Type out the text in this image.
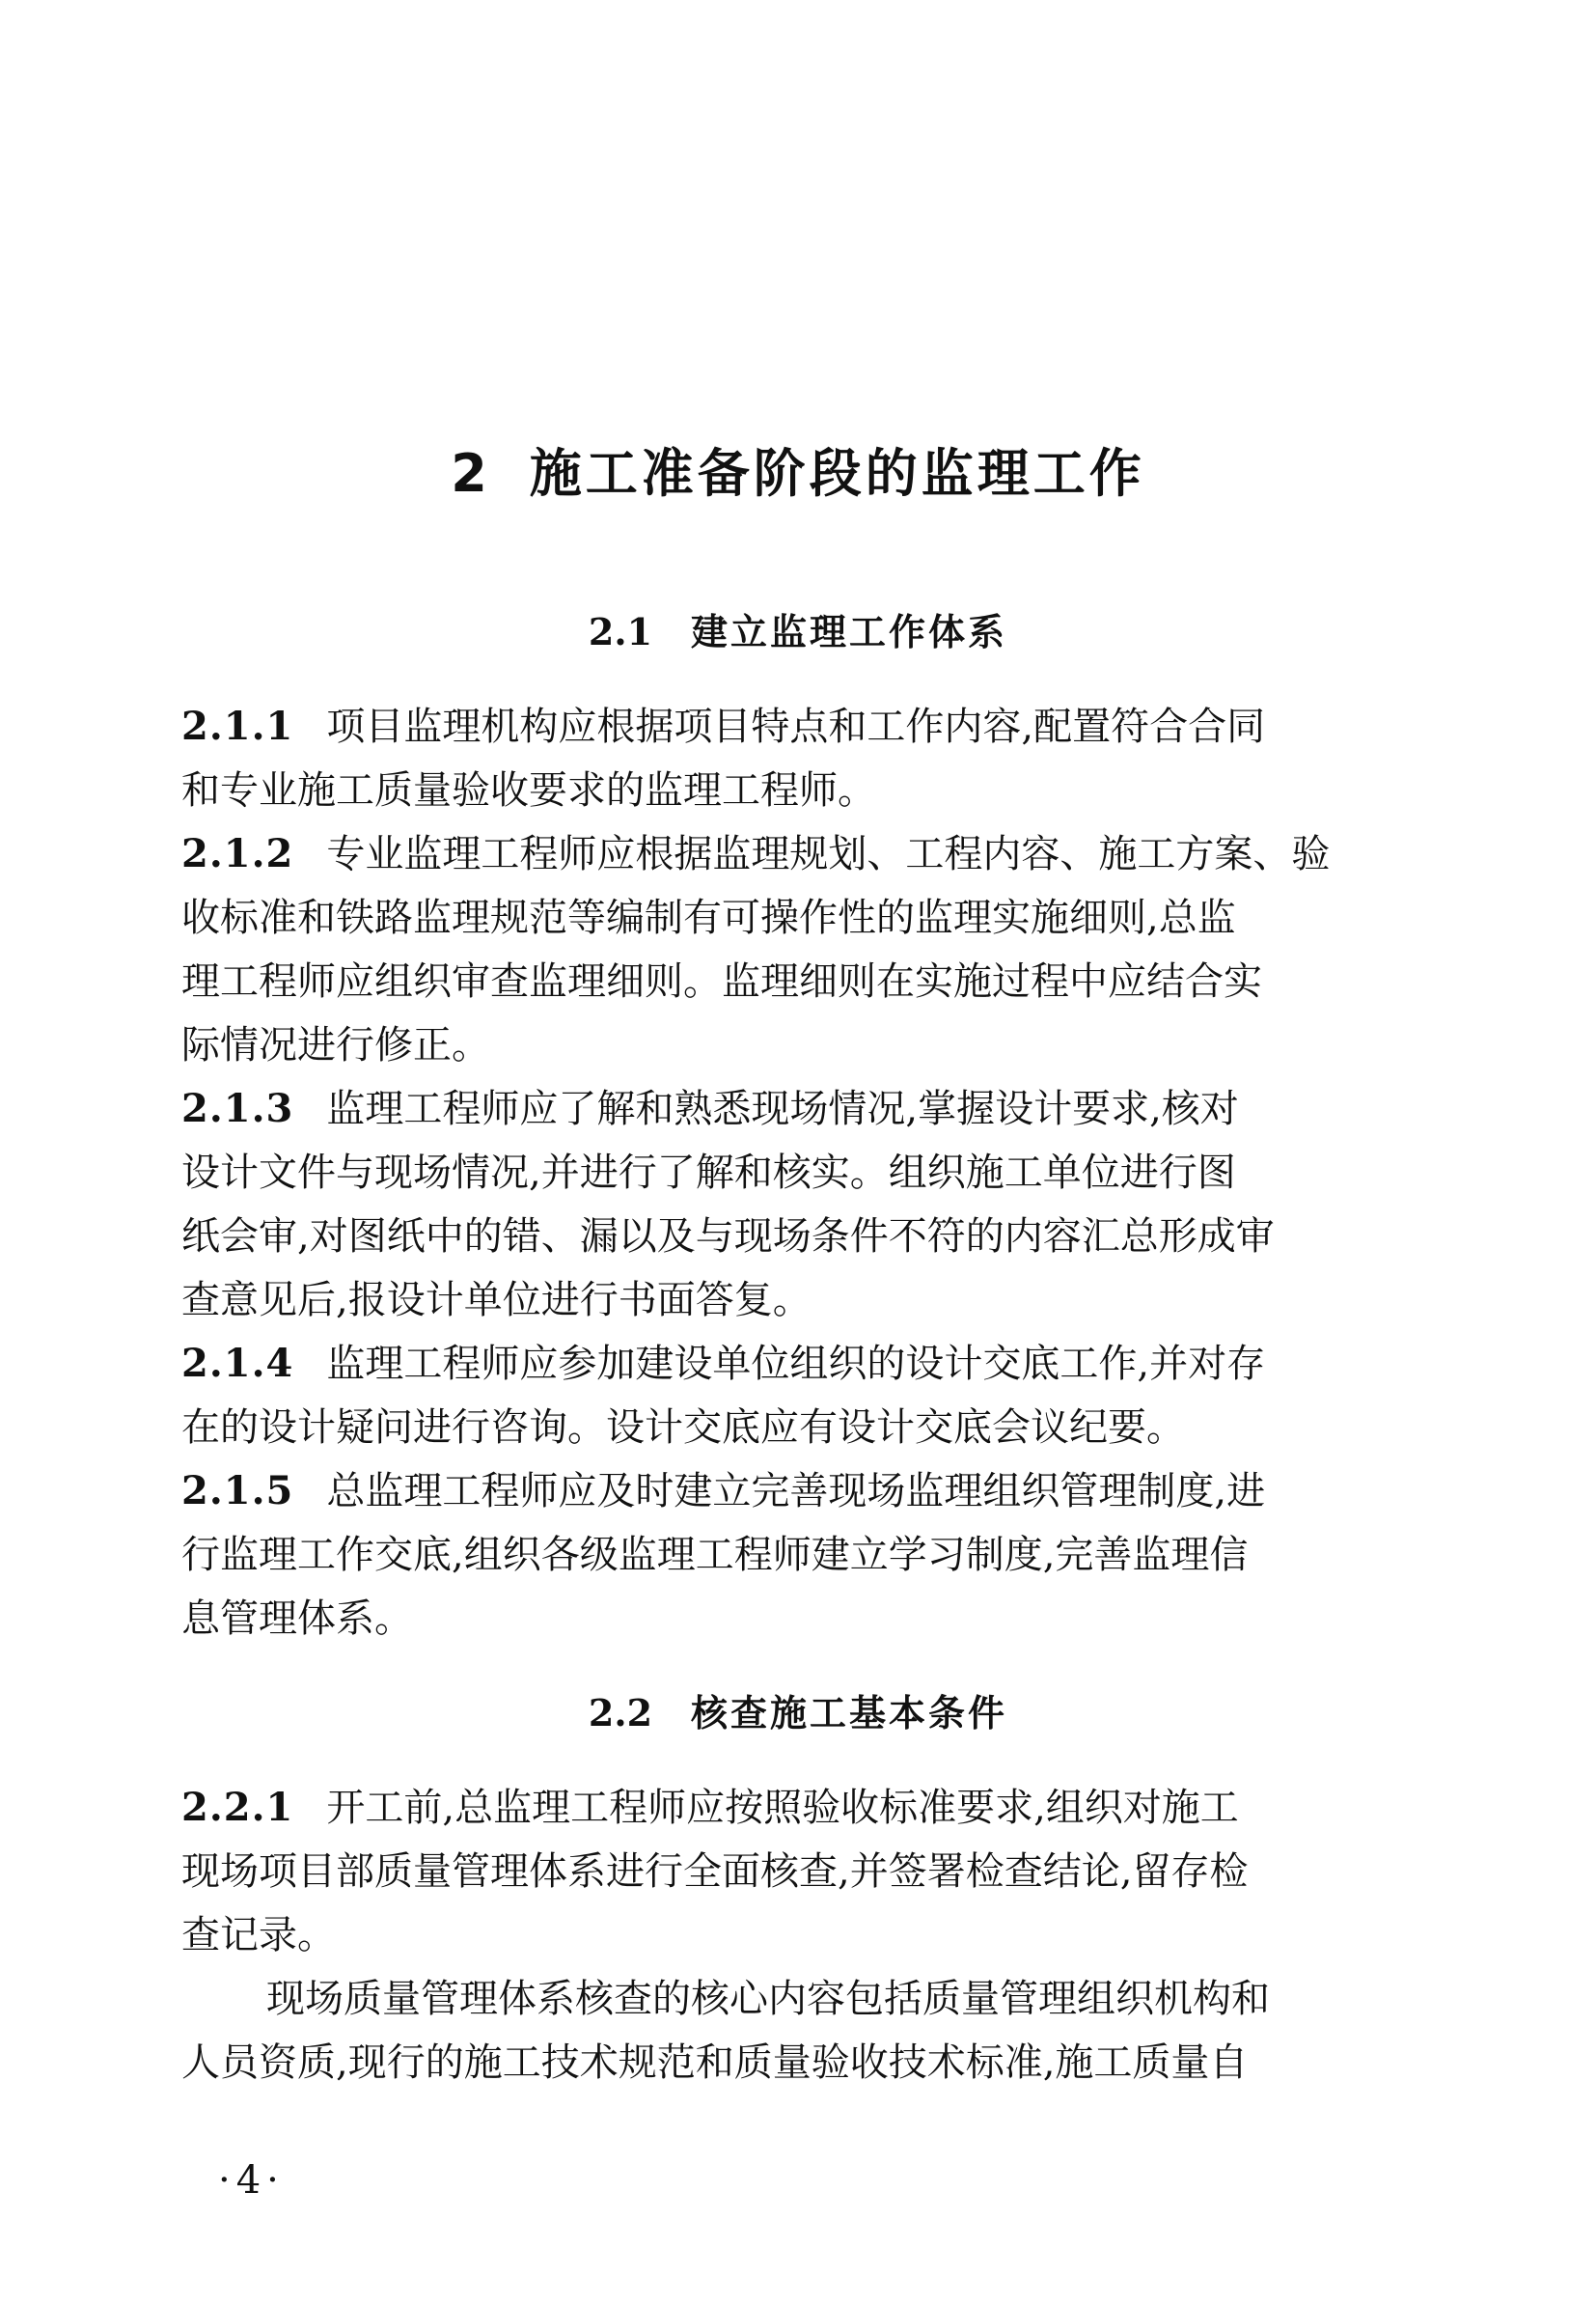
2 施工准备阶段的监理工作
2.1 建立监理工作体系
2.1.1 项目监理机构应根据项目特点和工作内容,配置符合合同
和专业施工质量验收要求的监理工程师。
2.1.2 专业监理工程师应根据监理规划、工程内容、施工方案、验
收标准和铁路监理规范等编制有可操作性的监理实施细则,总监
理工程师应组织审查监理细则。监理细则在实施过程中应结合实
际情况进行修正。
2.1.3 监理工程师应了解和熟悉现场情况,掌握设计要求,核对
设计文件与现场情况,并进行了解和核实。组织施工单位进行图
纸会审,对图纸中的错、漏以及与现场条件不符的内容汇总形成审
查意见后,报设计单位进行书面答复。
2.1.4 监理工程师应参加建设单位组织的设计交底工作,并对存
在的设计疑问进行咨询。设计交底应有设计交底会议纪要。
2.1.5 总监理工程师应及时建立完善现场监理组织管理制度,进
行监理工作交底,组织各级监理工程师建立学习制度,完善监理信
息管理体系。
2.2 核查施工基本条件
2.2.1 开工前,总监理工程师应按照验收标准要求,组织对施工
现场项目部质量管理体系进行全面核查,并签署检查结论,留存检
查记录。
现场质量管理体系核查的核心内容包括质量管理组织机构和
人员资质,现行的施工技术规范和质量验收技术标准,施工质量自
·4·
